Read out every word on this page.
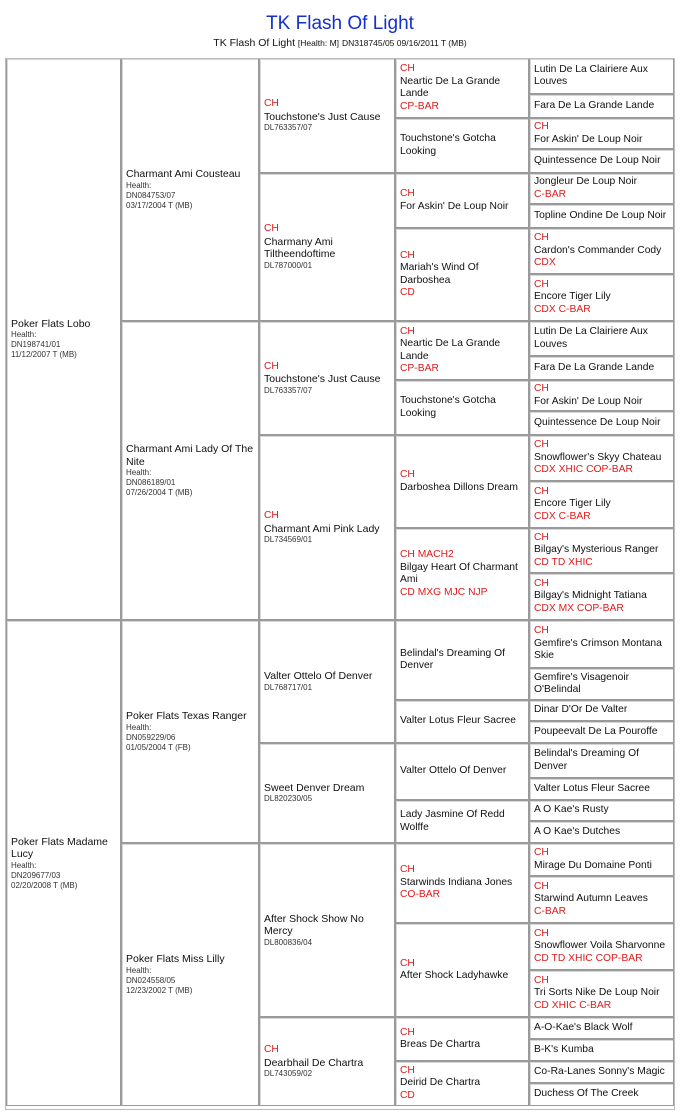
TK Flash Of Light
TK Flash Of Light [Health: M] DN318745/05 09/16/2011 T (MB)
Poker Flats Lobo
Health:
DN198741/01
11/12/2007 T (MB)
Charmant Ami Cousteau
Health:
DN084753/07
03/17/2004 T (MB)
CH
Touchstone's Just Cause
DL763357/07
CH
Neartic De La Grande Lande
CP-BAR
Lutin De La Clairiere Aux Louves
Fara De La Grande Lande
Touchstone's Gotcha Looking
CH
For Askin' De Loup Noir
Quintessence De Loup Noir
CH
Charmany Ami Tiltheendoftime
DL787000/01
CH
For Askin' De Loup Noir
Jongleur De Loup Noir
C-BAR
Topline Ondine De Loup Noir
CH
Mariah's Wind Of Darboshea
CD
CH
Cardon's Commander Cody
CDX
CH
Encore Tiger Lily
CDX C-BAR
Charmant Ami Lady Of The Nite
Health:
DN086189/01
07/26/2004 T (MB)
CH
Touchstone's Just Cause
DL763357/07
CH
Neartic De La Grande Lande
CP-BAR
Lutin De La Clairiere Aux Louves
Fara De La Grande Lande
Touchstone's Gotcha Looking
CH
For Askin' De Loup Noir
Quintessence De Loup Noir
CH
Charmant Ami Pink Lady
DL734569/01
CH
Darboshea Dillons Dream
CH
Snowflower's Skyy Chateau
CDX XHIC COP-BAR
CH
Encore Tiger Lily
CDX C-BAR
CH MACH2
Bilgay Heart Of Charmant Ami
CD MXG MJC NJP
CH
Bilgay's Mysterious Ranger
CD TD XHIC
CH
Bilgay's Midnight Tatiana
CDX MX COP-BAR
Poker Flats Madame Lucy
Health:
DN209677/03
02/20/2008 T (MB)
Poker Flats Texas Ranger
Health:
DN059229/06
01/05/2004 T (FB)
Valter Ottelo Of Denver
DL768717/01
Belindal's Dreaming Of Denver
CH
Gemfire's Crimson Montana Skie
Gemfire's Visagenoir O'Belindal
Valter Lotus Fleur Sacree
Dinar D'Or De Valter
Poupeevalt De La Pouroffe
Sweet Denver Dream
DL820230/05
Valter Ottelo Of Denver
Belindal's Dreaming Of Denver
Valter Lotus Fleur Sacree
Lady Jasmine Of Redd Wolffe
A O Kae's Rusty
A O Kae's Dutches
Poker Flats Miss Lilly
Health:
DN024558/05
12/23/2002 T (MB)
After Shock Show No Mercy
DL800836/04
CH
Starwinds Indiana Jones
CO-BAR
CH
Mirage Du Domaine Ponti
CH
Starwind Autumn Leaves
C-BAR
CH
After Shock Ladyhawke
CH
Snowflower Voila Sharvonne
CD TD XHIC COP-BAR
CH
Tri Sorts Nike De Loup Noir
CD XHIC C-BAR
CH
Dearbhail De Chartra
DL743059/02
CH
Breas De Chartra
A-O-Kae's Black Wolf
B-K's Kumba
CH
Deirid De Chartra
CD
Co-Ra-Lanes Sonny's Magic
Duchess Of The Creek
